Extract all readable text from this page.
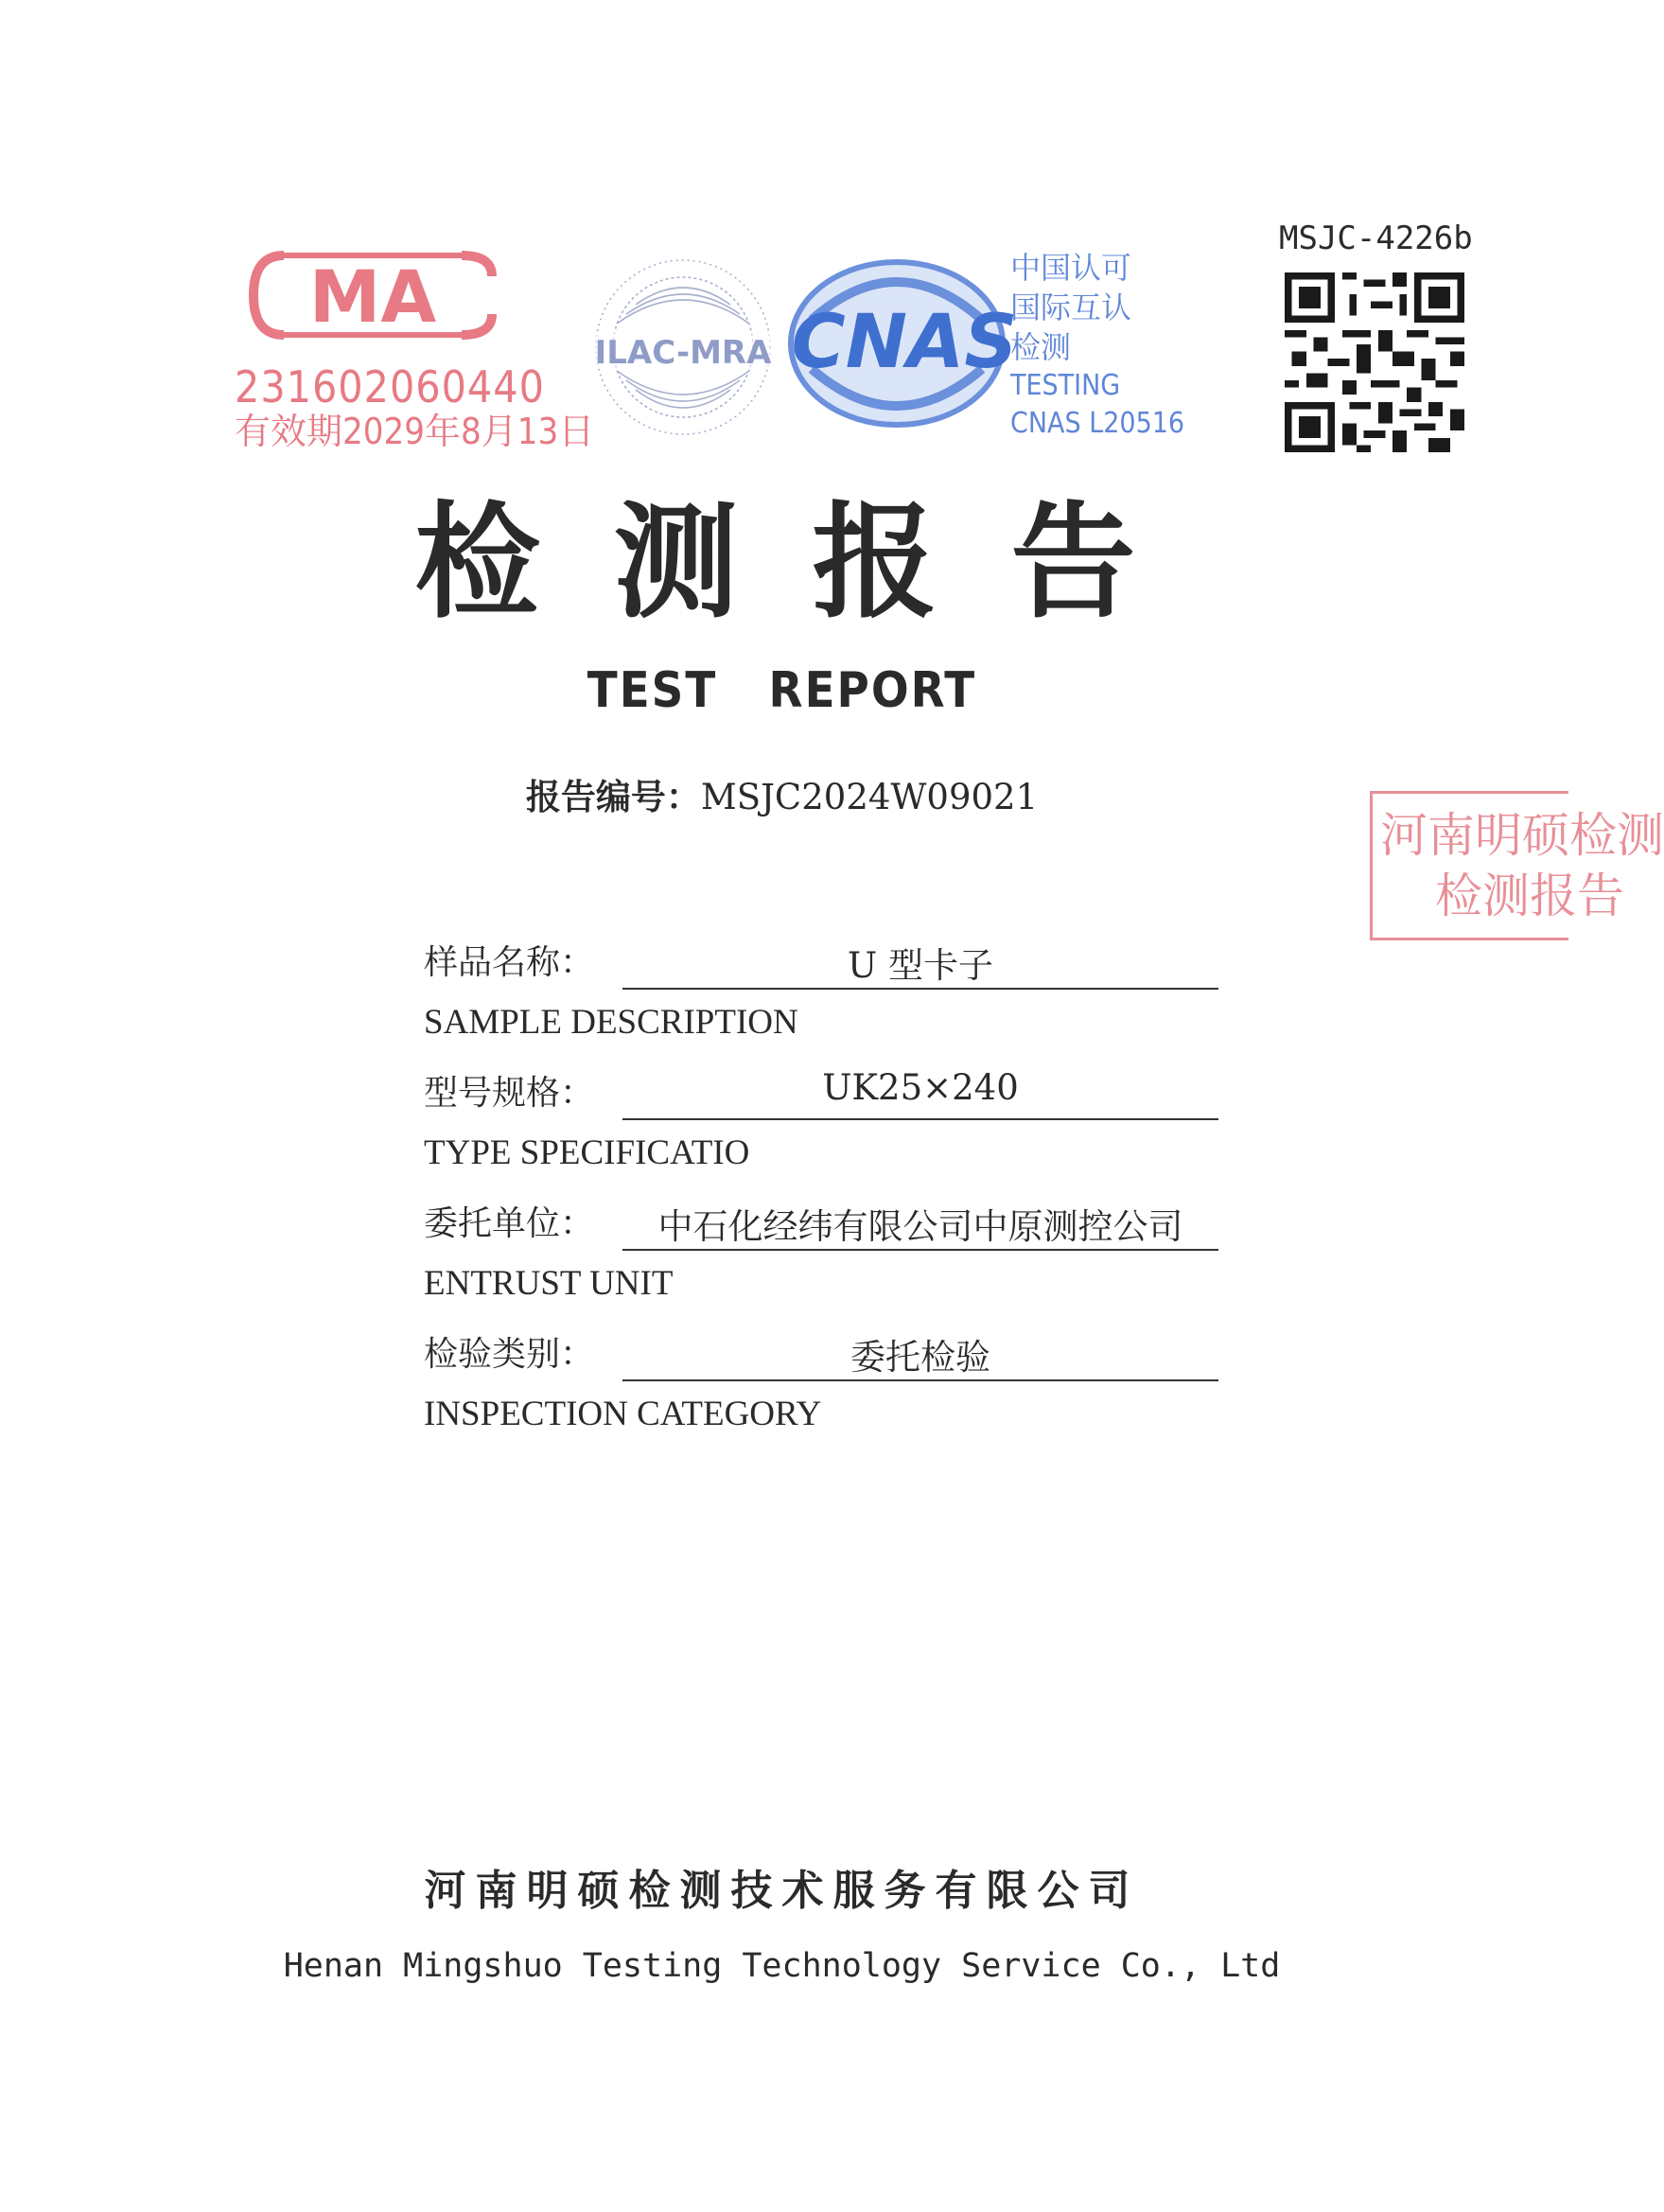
MA
231602060440
有效期2029年8月13日
ILAC-MRA CNAS
中国认可
国际互认
检测
TESTING
CNAS L20516
MSJC-4226b
检测报告
TEST REPORT
报告编号：MSJC2024W09021
河南明硕检测
检测报告
样品名称：	U 型卡子
SAMPLE DESCRIPTION
型号规格：	UK25×240
TYPE SPECIFICATIO
委托单位：	中石化经纬有限公司中原测控公司
ENTRUST UNIT
检验类别：	委托检验
INSPECTION CATEGORY
河南明硕检测技术服务有限公司
Henan Mingshuo Testing Technology Service Co., Ltd
